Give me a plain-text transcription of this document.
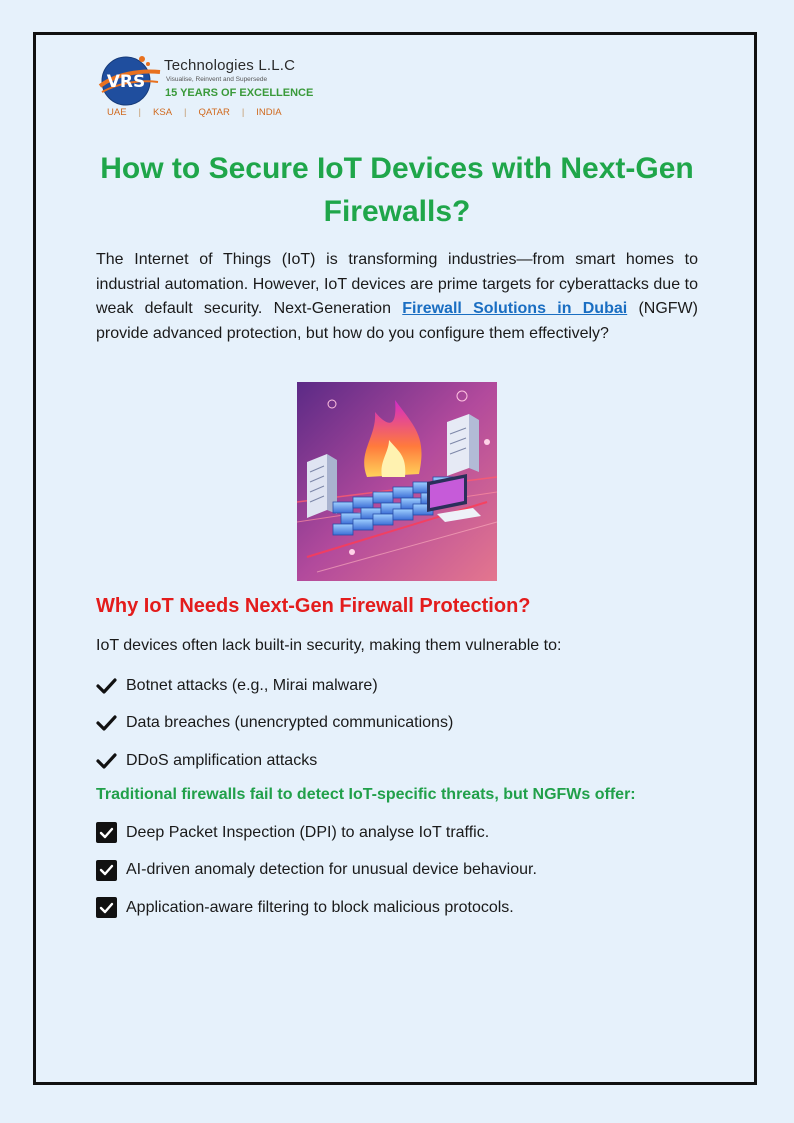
VRS
Technologies L.L.C
Visualise, Reinvent and Supersede
15 YEARS OF EXCELLENCE
UAE | KSA | QATAR | INDIA
How to Secure IoT Devices with Next-Gen Firewalls?

The Internet of Things (IoT) is transforming industries—from smart homes to industrial automation. However, IoT devices are prime targets for cyberattacks due to weak default security. Next-Generation Firewall Solutions in Dubai (NGFW) provide advanced protection, but how do you configure them effectively?

Why IoT Needs Next-Gen Firewall Protection?

IoT devices often lack built-in security, making them vulnerable to:

Botnet attacks (e.g., Mirai malware)
Data breaches (unencrypted communications)
DDoS amplification attacks

Traditional firewalls fail to detect IoT-specific threats, but NGFWs offer:

Deep Packet Inspection (DPI) to analyse IoT traffic.
AI-driven anomaly detection for unusual device behaviour.
Application-aware filtering to block malicious protocols.
